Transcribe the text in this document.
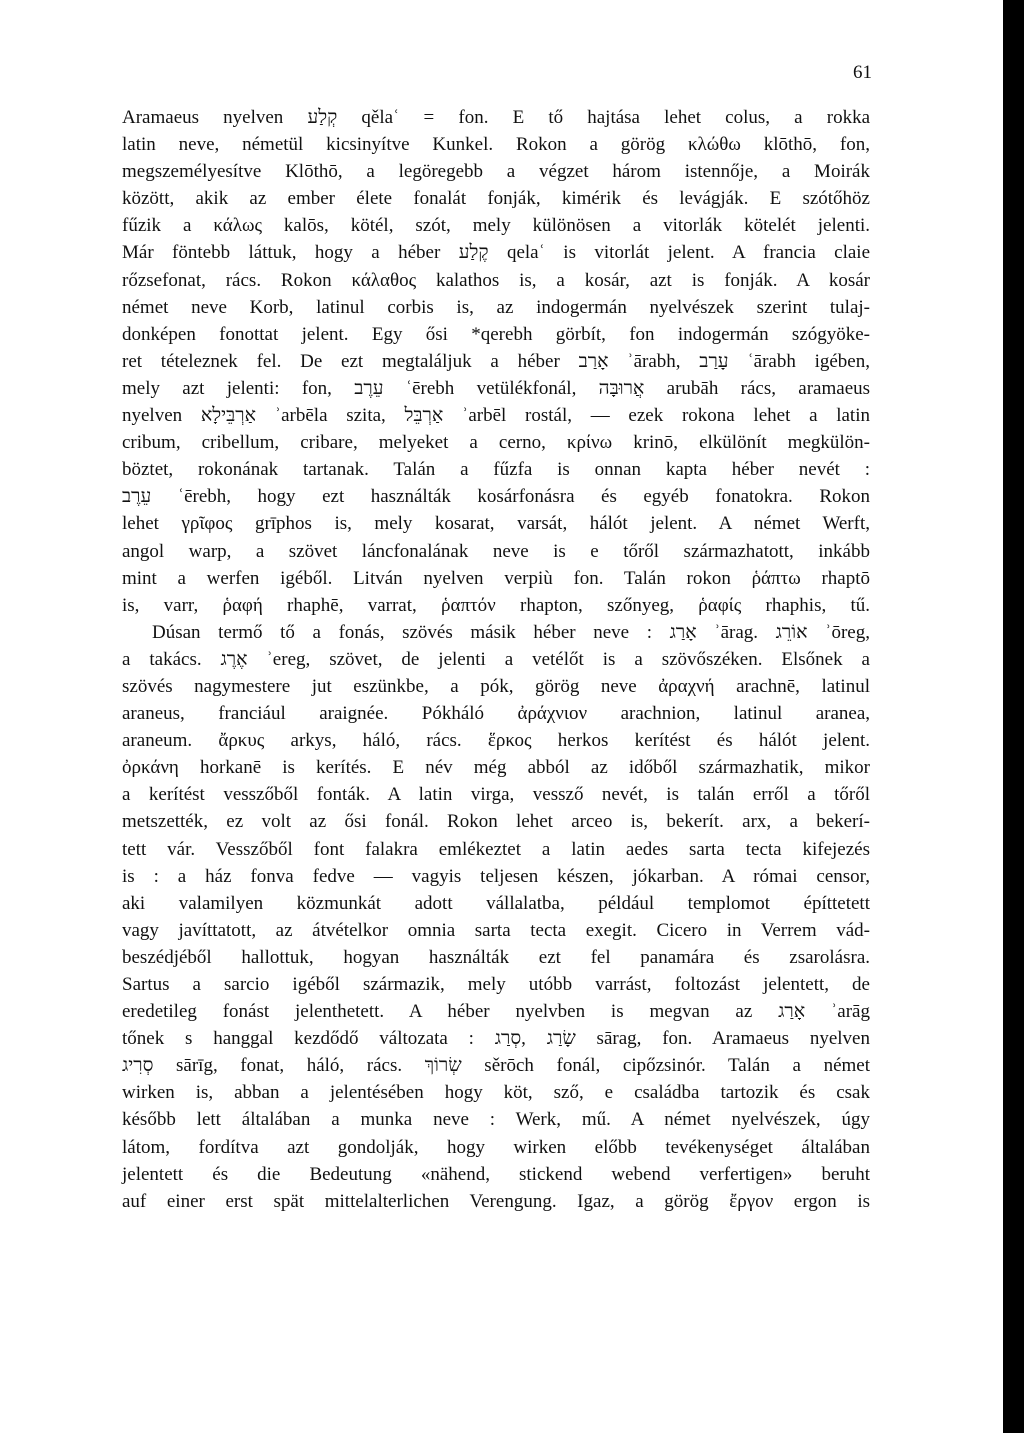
61
Aramaeus nyelven קְלַע qělaʿ = fon. E tő hajtása lehet colus, a rokka
latin neve, németül kicsinyítve Kunkel. Rokon a görög κλώθω klōthō, fon,
megszemélyesítve Klōthō, a legöregebb a végzet három istennője, a Moirák
között, akik az ember élete fonalát fonják, kimérik és levágják. E szótőhöz
fűzik a κάλως kalōs, kötél, szót, mely különösen a vitorlák kötelét jelenti.
Már föntebb láttuk, hogy a héber קֶלַע qelaʿ is vitorlát jelent. A francia claie
rőzsefonat, rács. Rokon κάλαθος kalathos is, a kosár, azt is fonják. A kosár
német neve Korb, latinul corbis is, az indogermán nyelvészek szerint tulaj-
donképen fonottat jelent. Egy ősi *qerebh görbít, fon indogermán szógyöke-
ret tételeznek fel. De ezt megtaláljuk a héber אָרַב ʾārabh, עָרַב ʿārabh igében,
mely azt jelenti: fon, עֵרֶב ʿērebh vetülékfonál, אֲרוּבָּה arubāh rács, aramaeus
nyelven אַרְבֵּילָא ʾarbēla szita, אַרְבֵּל ʾarbēl rostál, — ezek rokona lehet a latin
cribum, cribellum, cribare, melyeket a cerno, κρίνω krinō, elkülönít megkülön-
böztet, rokonának tartanak. Talán a fűzfa is onnan kapta héber nevét :
עֵרֶב ʿērebh, hogy ezt használták kosárfonásra és egyéb fonatokra. Rokon
lehet γρῖφος grīphos is, mely kosarat, varsát, hálót jelent. A német Werft,
angol warp, a szövet láncfonalának neve is e tőről származhatott, inkább
mint a werfen igéből. Litván nyelven verpiù fon. Talán rokon ῥάπτω rhaptō
is, varr, ῥαφή rhaphē, varrat, ῥαπτόν rhapton, szőnyeg, ῥαφίς rhaphis, tű.
Dúsan termő tő a fonás, szövés másik héber neve : אָרַג ʾārag. אוֹרֵג ʾōreg,
a takács. אֶרֶג ʾereg, szövet, de jelenti a vetélőt is a szövőszéken. Elsőnek a
szövés nagymestere jut eszünkbe, a pók, görög neve ἀραχνή arachnē, latinul
araneus, franciául araignée. Pókháló ἀράχνιον arachnion, latinul aranea,
araneum. ἄρκυς arkys, háló, rács. ἕρκος herkos kerítést és hálót jelent.
ὀρκάνη horkanē is kerítés. E név még abból az időből származhatik, mikor
a kerítést vesszőből fonták. A latin virga, vessző nevét, is talán erről a tőről
metszették, ez volt az ősi fonál. Rokon lehet arceo is, bekerít. arx, a bekerí-
tett vár. Vesszőből font falakra emlékeztet a latin aedes sarta tecta kifejezés
is : a ház fonva fedve — vagyis teljesen készen, jókarban. A római censor,
aki valamilyen közmunkát adott vállalatba, például templomot építtetett
vagy javíttatott, az átvételkor omnia sarta tecta exegit. Cicero in Verrem vád-
beszédjéből hallottuk, hogyan használták ezt fel panamára és zsarolásra.
Sartus a sarcio igéből származik, mely utóbb varrást, foltozást jelentett, de
eredetileg fonást jelenthetett. A héber nyelvben is megvan az אָרַג ʾarāg
tőnek s hanggal kezdődő változata : שָׂרַג ,סְרַג sārag, fon. Aramaeus nyelven
סְרִיג sārīg, fonat, háló, rács. שְׂרוֹךְ sěrōch fonál, cipőzsinór. Talán a német
wirken is, abban a jelentésében hogy köt, sző, e családba tartozik és csak
később lett általában a munka neve : Werk, mű. A német nyelvészek, úgy
látom, fordítva azt gondolják, hogy wirken előbb tevékenységet általában
jelentett és die Bedeutung «nähend, stickend webend verfertigen» beruht
auf einer erst spät mittelalterlichen Verengung. Igaz, a görög ἔργον ergon is
